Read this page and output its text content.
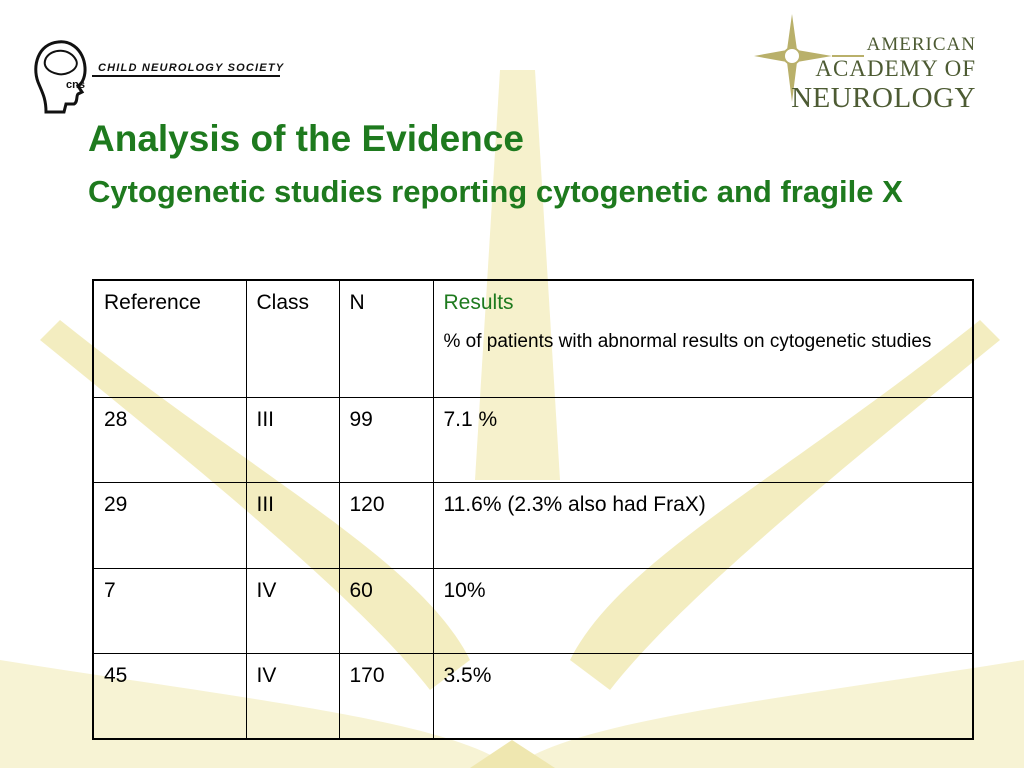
CHILD NEUROLOGY SOCIETY
cns
AMERICAN
ACADEMY OF
NEUROLOGY
Analysis of the Evidence
Cytogenetic studies reporting cytogenetic and fragile X
Reference	Class	N	Results
% of patients with abnormal results on cytogenetic studies

28	III	99	7.1 %
29	III	120	11.6% (2.3% also had FraX)
7	IV	60	10%
45	IV	170	3.5%
